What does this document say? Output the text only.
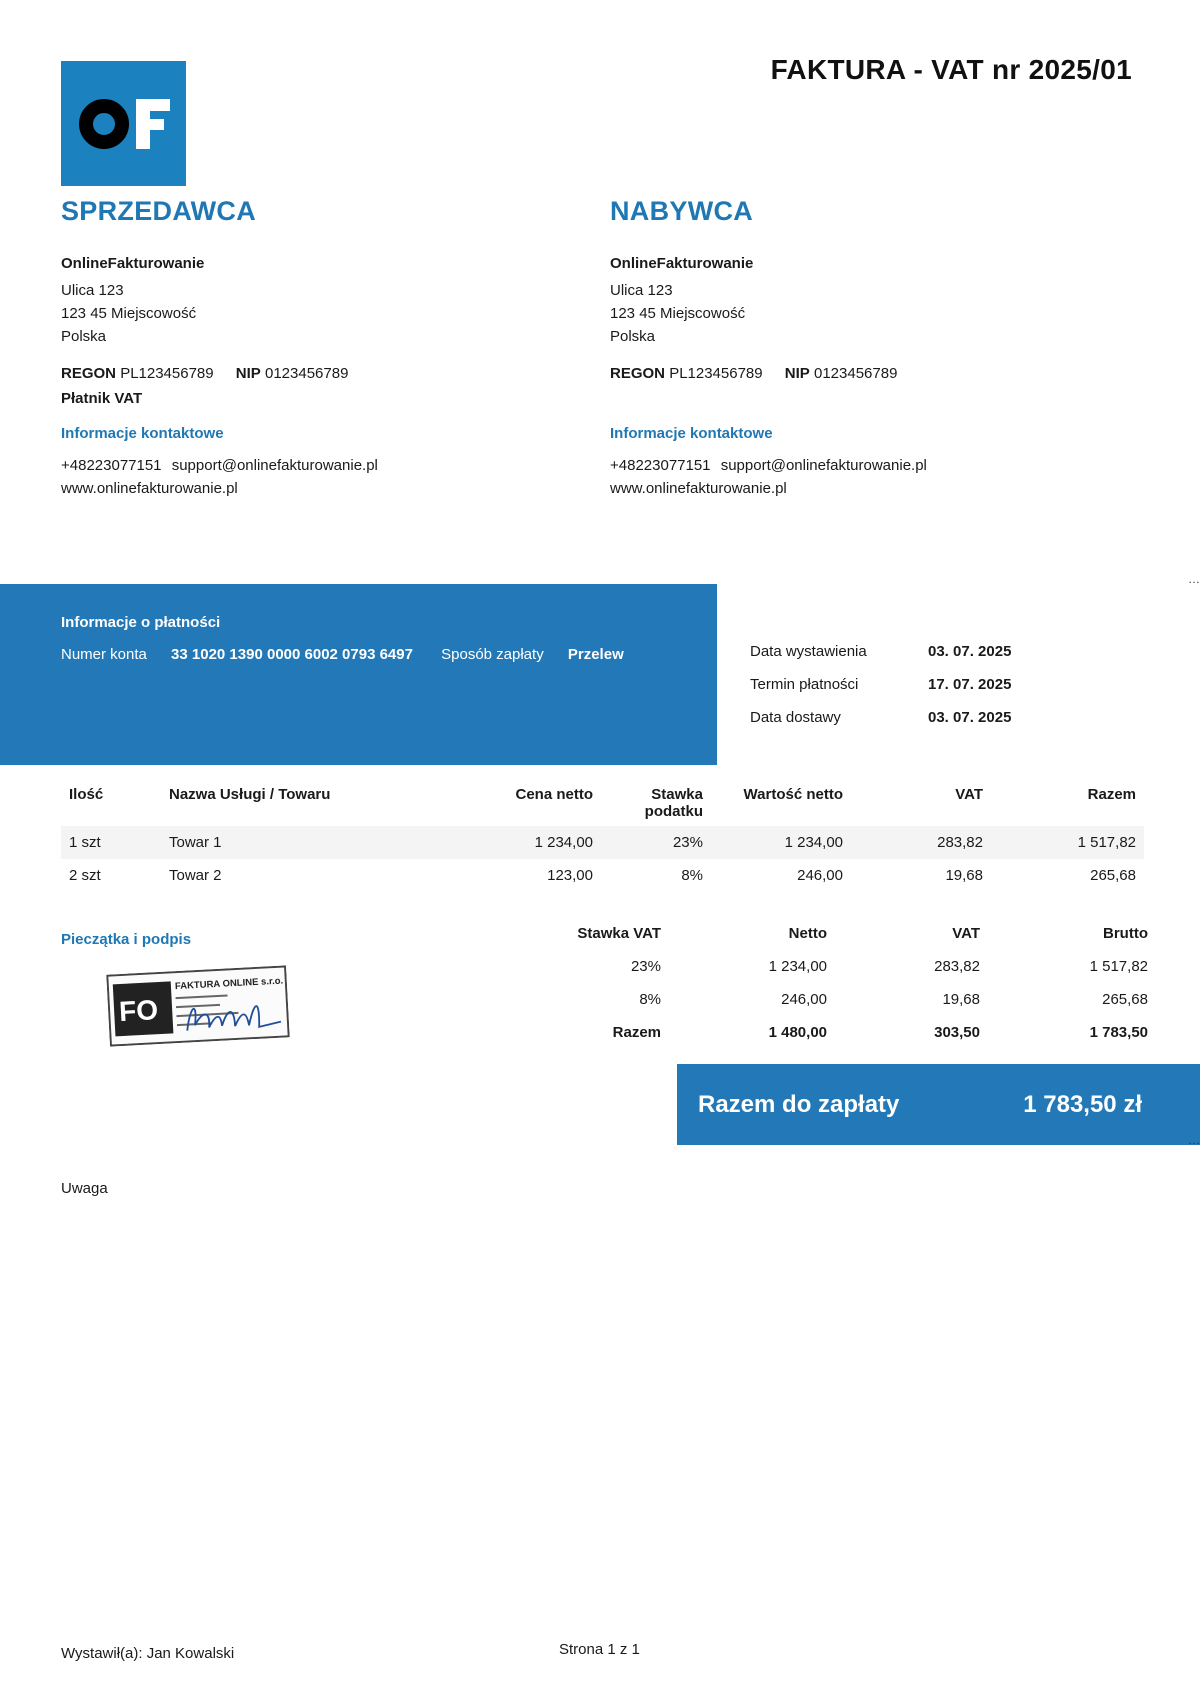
FAKTURA - VAT nr 2025/01
SPRZEDAWCA
OnlineFakturowanie
Ulica 123
123 45 Miejscowość
Polska
REGON PL123456789 NIP 0123456789
Płatnik VAT
Informacje kontaktowe
+48223077151 support@onlinefakturowanie.pl
www.onlinefakturowanie.pl
NABYWCA
OnlineFakturowanie
Ulica 123
123 45 Miejscowość
Polska
REGON PL123456789 NIP 0123456789
Informacje kontaktowe
+48223077151 support@onlinefakturowanie.pl
www.onlinefakturowanie.pl
…
Informacje o płatności
Numer konta 33 1020 1390 0000 6002 0793 6497 Sposób zapłaty Przelew	Data wystawienia	03. 07. 2025
Termin płatności	17. 07. 2025
Data dostawy	03. 07. 2025
Ilość	Nazwa Usługi / Towaru	Cena netto	Stawka podatku	Wartość netto	VAT	Razem
1 szt	Towar 1	1 234,00	23%	1 234,00	283,82	1 517,82
2 szt	Towar 2	123,00	8%	246,00	19,68	265,68
Pieczątka i podpis
FO
FAKTURA ONLINE s.r.o.
Stawka VAT	Netto	VAT	Brutto
23%	1 234,00	283,82	1 517,82
8%	246,00	19,68	265,68
Razem	1 480,00	303,50	1 783,50
Razem do zapłaty	1 783,50 zł
…
Uwaga
Wystawił(a): Jan Kowalski	Strona 1 z 1
